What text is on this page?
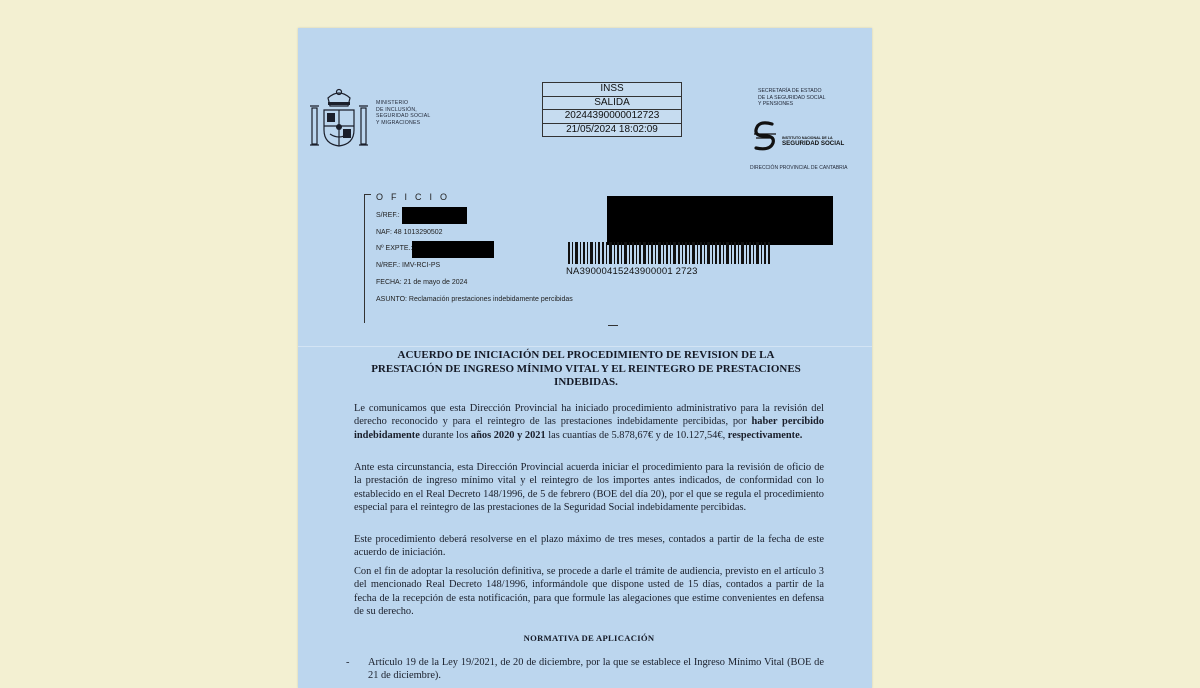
MINISTERIO
DE INCLUSIÓN,
SEGURIDAD SOCIAL
Y MIGRACIONES
INSS
SALIDA
20244390000012723
21/05/2024 18:02:09
SECRETARÍA DE ESTADO
DE LA SEGURIDAD SOCIAL
Y PENSIONES
INSTITUTO NACIONAL DE LA
SEGURIDAD SOCIAL
DIRECCIÓN PROVINCIAL DE CANTABRIA
OFICIO
S/REF.:
NAF: 48 1013290502
Nº EXPTE.:
N/REF.: IMV-RCI-PS
FECHA: 21 de mayo de 2024
ASUNTO: Reclamación prestaciones indebidamente percibidas
NA39000415243900001 2723
ACUERDO DE INICIACIÓN DEL PROCEDIMIENTO DE REVISION DE LA PRESTACIÓN DE INGRESO MÍNIMO VITAL Y EL REINTEGRO DE PRESTACIONES INDEBIDAS.
Le comunicamos que esta Dirección Provincial ha iniciado procedimiento administrativo para la revisión del derecho reconocido y para el reintegro de las prestaciones indebidamente percibidas, por haber percibido indebidamente durante los años 2020 y 2021 las cuantías de 5.878,67€ y de 10.127,54€, respectivamente.
Ante esta circunstancia, esta Dirección Provincial acuerda iniciar el procedimiento para la revisión de oficio de la prestación de ingreso mínimo vital y el reintegro de los importes antes indicados, de conformidad con lo establecido en el Real Decreto 148/1996, de 5 de febrero (BOE del día 20), por el que se regula el procedimiento especial para el reintegro de las prestaciones de la Seguridad Social indebidamente percibidas.
Este procedimiento deberá resolverse en el plazo máximo de tres meses, contados a partir de la fecha de este acuerdo de iniciación.
Con el fin de adoptar la resolución definitiva, se procede a darle el trámite de audiencia, previsto en el artículo 3 del mencionado Real Decreto 148/1996, informándole que dispone usted de 15 días, contados a partir de la fecha de la recepción de esta notificación, para que formule las alegaciones que estime convenientes en defensa de su derecho.
NORMATIVA DE APLICACIÓN
- Artículo 19 de la Ley 19/2021, de 20 de diciembre, por la que se establece el Ingreso Mínimo Vital (BOE de 21 de diciembre).
